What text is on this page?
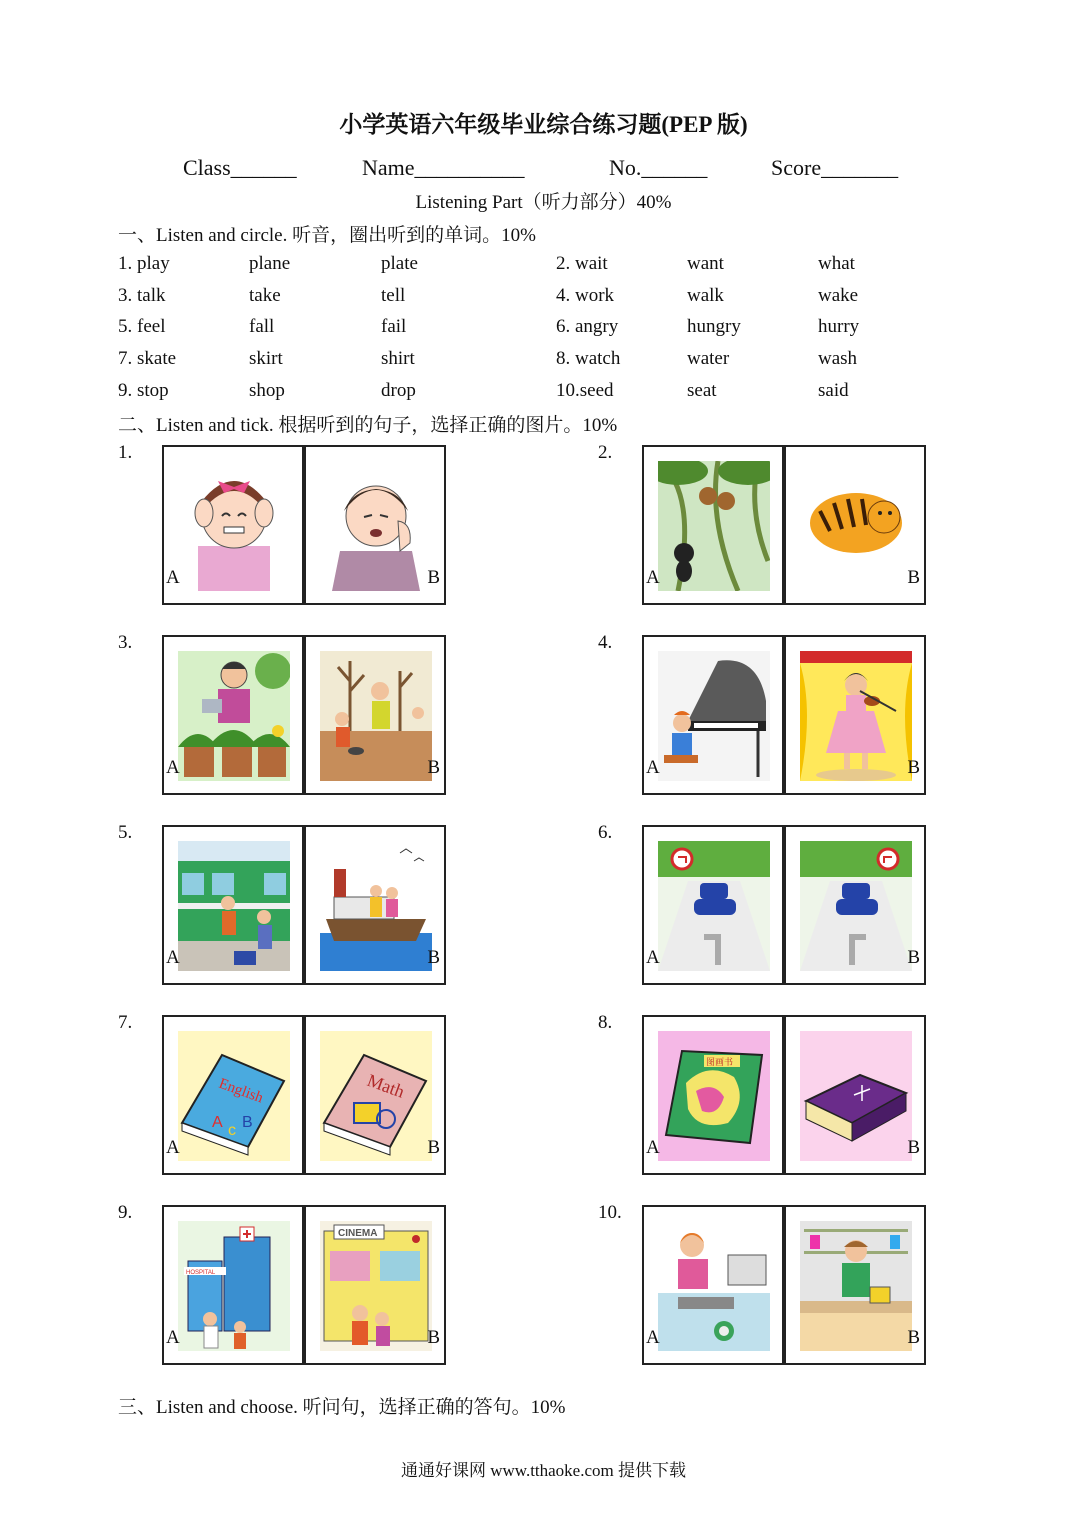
小学英语六年级毕业综合练习题(PEP 版)
Class______	Name__________	No.______	Score_______
Listening Part（听力部分）40%
一、Listen and circle. 听音，圈出听到的单词。10%
1. play	plane	plate	2. wait	want	what
3. talk	take	tell	4. work	walk	wake
5. feel	fall	fail	6. angry	hungry	hurry
7. skate	skirt	shirt	8. watch	water	wash
9. stop	shop	drop	10.seed	seat	said
二、Listen and tick. 根据听到的句子，选择正确的图片。10%
1.
A	B
2.
A	B
3.
A	B
4.
A	B
5.
A	B
6.
A	B
7.
English
A c B
A
Math
B
8.
图画书
A	B
9.
HOSPITAL
A
CINEMA
B
10.
A	B
三、Listen and choose. 听问句，选择正确的答句。10%
通通好课网 www.tthaoke.com 提供下载
